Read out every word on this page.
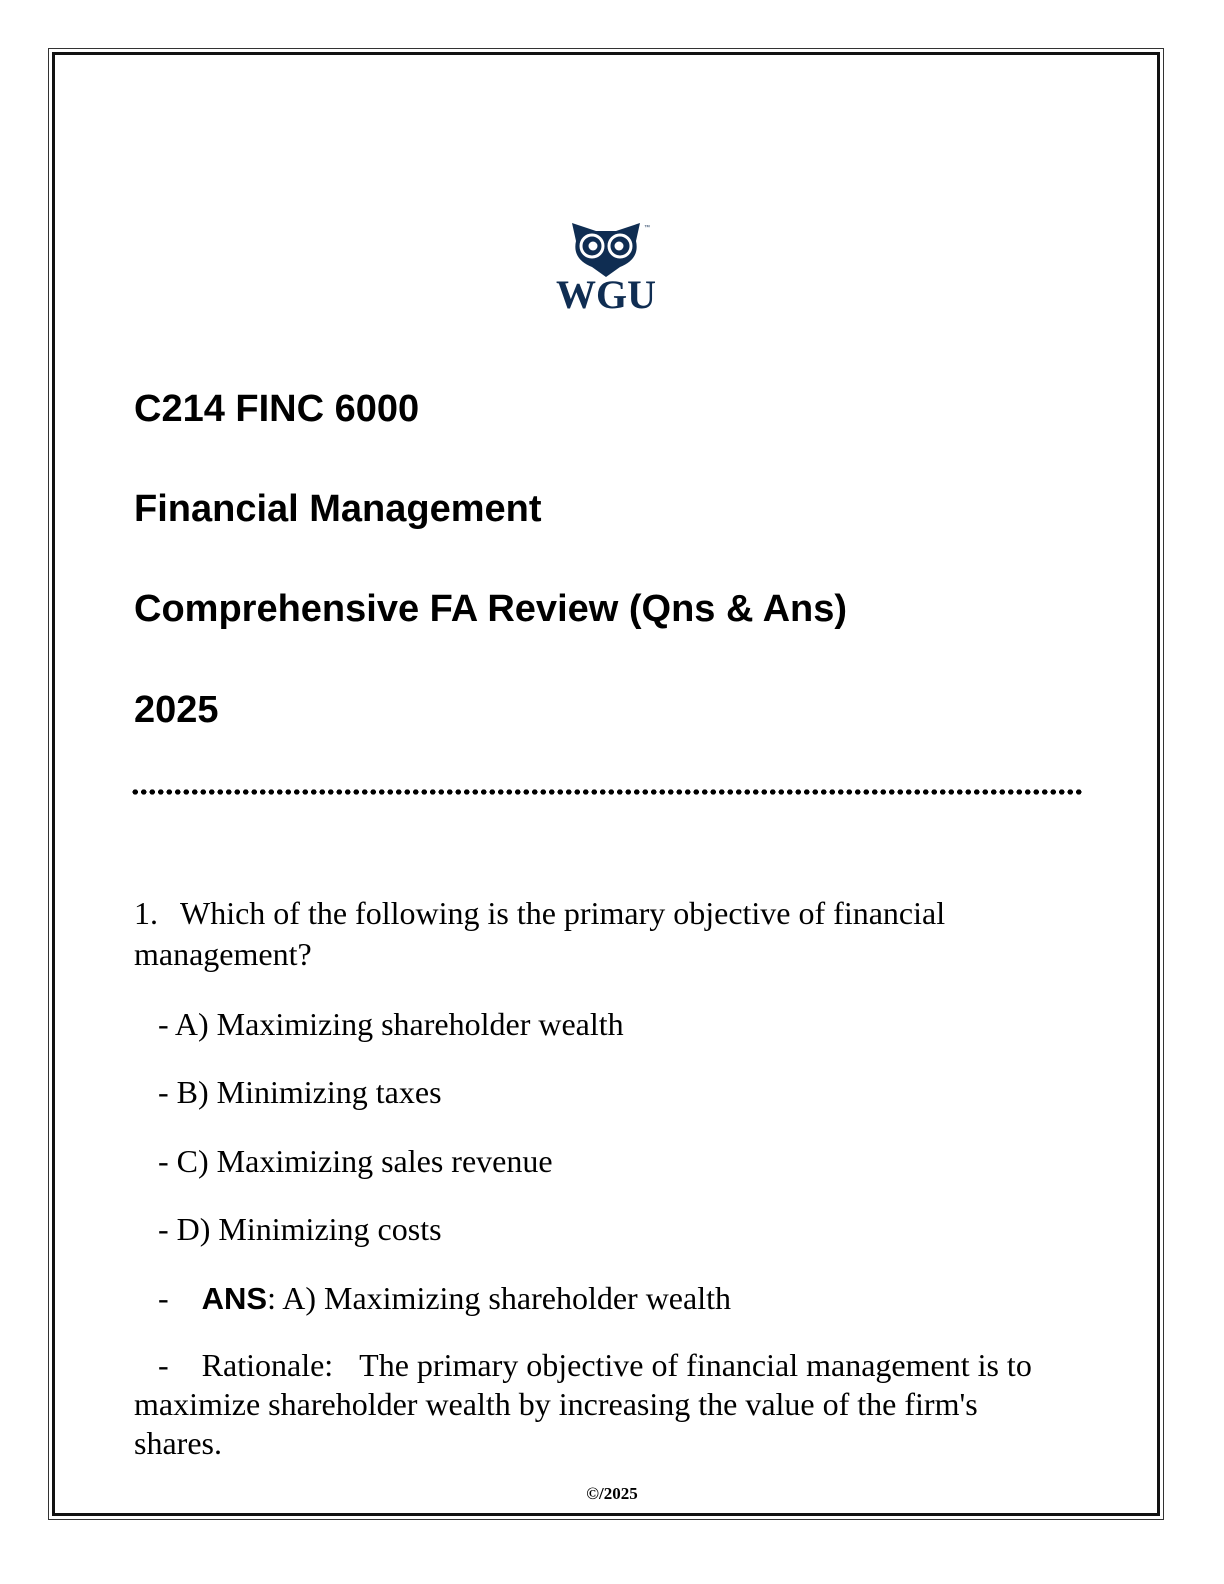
™
WGU
C214 FINC 6000
Financial Management
Comprehensive FA Review (Qns & Ans)
2025

1. Which of the following is the primary objective of financial management?

- A) Maximizing shareholder wealth

- B) Minimizing taxes

- C) Maximizing sales revenue

- D) Minimizing costs

- ANS: A) Maximizing shareholder wealth

- Rationale: The primary objective of financial management is to maximize shareholder wealth by increasing the value of the firm's shares.

©/2025
